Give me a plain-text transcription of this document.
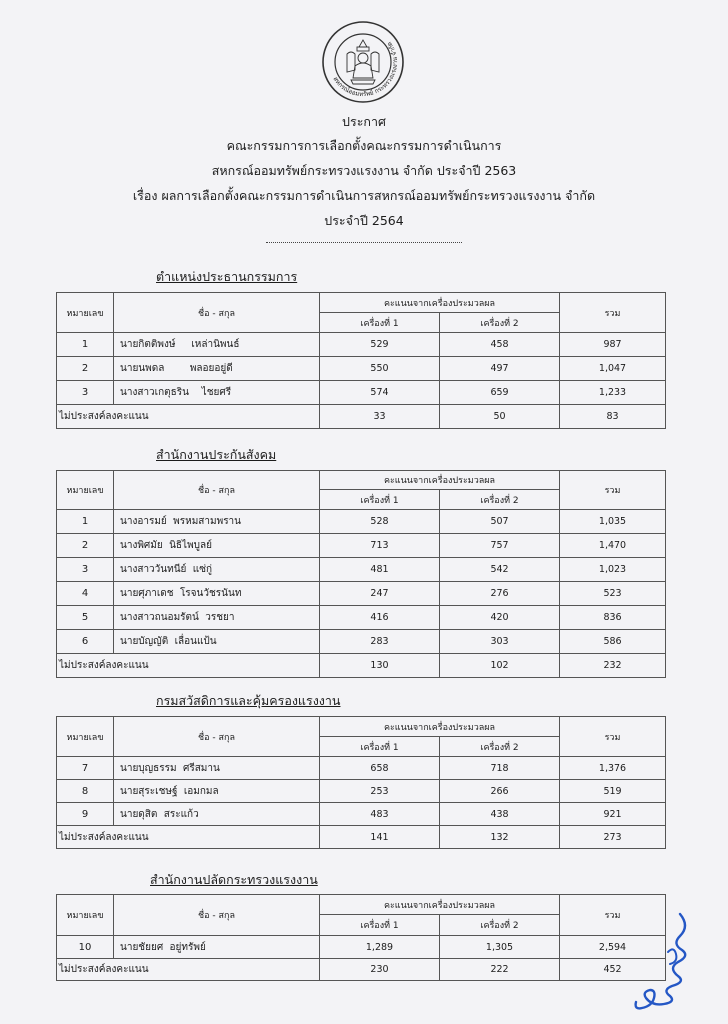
สหกรณ์ออมทรัพย์ กระทรวงแรงงาน จำกัด
ประกาศ
คณะกรรมการการเลือกตั้งคณะกรรมการดำเนินการ
สหกรณ์ออมทรัพย์กระทรวงแรงงาน จำกัด ประจำปี 2563
เรื่อง ผลการเลือกตั้งคณะกรรมการดำเนินการสหกรณ์ออมทรัพย์กระทรวงแรงงาน จำกัด
ประจำปี 2564
ตำแหน่งประธานกรรมการ
หมายเลข	ชื่อ - สกุล	คะแนนจากเครื่องประมวลผล		รวม
		เครื่องที่ 1	เครื่องที่ 2	
1	นายกิตติพงษ์ เหล่านิพนธ์	529	458	987
2	นายนพดล พลอยอยู่ดี	550	497	1,047
3	นางสาวเกตุธริน ไชยศรี	574	659	1,233
ไม่ประสงค์ลงคะแนน		33	50	83
สำนักงานประกันสังคม
หมายเลข	ชื่อ - สกุล	คะแนนจากเครื่องประมวลผล		รวม
		เครื่องที่ 1	เครื่องที่ 2	
1	นางอารมย์ พรหมสามพราน	528	507	1,035
2	นางพิศมัย นิธิไพบูลย์	713	757	1,470
3	นางสาววันทนีย์ แซ่กู่	481	542	1,023
4	นายศุภาเดช โรจนวัชรนันท	247	276	523
5	นางสาวถนอมรัตน์ วรชยา	416	420	836
6	นายบัญญัติ เลื่อนแป้น	283	303	586
ไม่ประสงค์ลงคะแนน		130	102	232
กรมสวัสดิการและคุ้มครองแรงงาน
หมายเลข	ชื่อ - สกุล	คะแนนจากเครื่องประมวลผล		รวม
		เครื่องที่ 1	เครื่องที่ 2	
7	นายบุญธรรม ศรีสมาน	658	718	1,376
8	นายสุระเชษฐ์ เอมกมล	253	266	519
9	นายดุสิต สระแก้ว	483	438	921
ไม่ประสงค์ลงคะแนน		141	132	273
สำนักงานปลัดกระทรวงแรงงาน
หมายเลข	ชื่อ - สกุล	คะแนนจากเครื่องประมวลผล		รวม
		เครื่องที่ 1	เครื่องที่ 2	
10	นายชัยยศ อยู่ทรัพย์	1,289	1,305	2,594
ไม่ประสงค์ลงคะแนน		230	222	452
